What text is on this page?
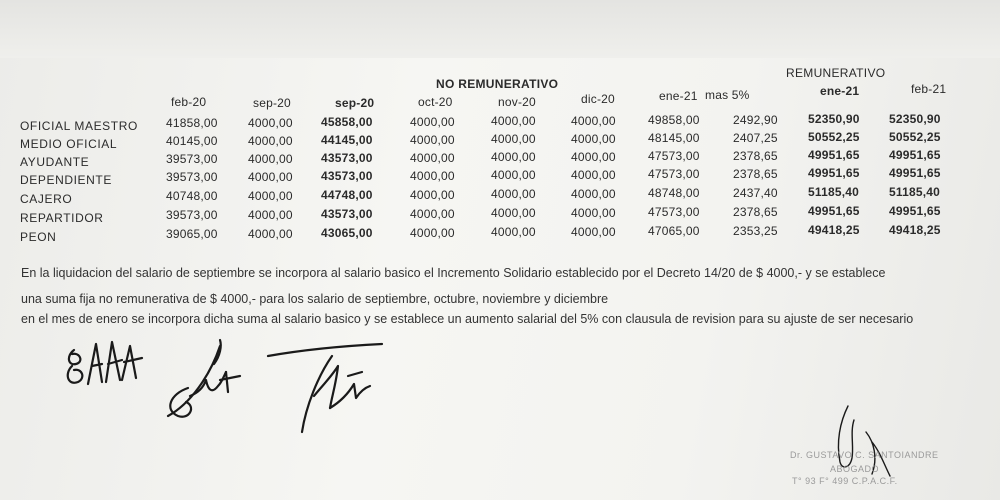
NO REMUNERATIVO
REMUNERATIVO
feb-20	sep-20	sep-20	oct-20	nov-20	dic-20	ene-21 mas 5%	ene-21	feb-21
OFICIAL MAESTRO 41858,00	4000,00 45858,00	4000,00	4000,00	4000,00	49858,00	2492,90	52350,90 52350,90
MEDIO OFICIAL	40145,00	4000,00 44145,00	4000,00	4000,00	4000,00	48145,00	2407,25	50552,25 50552,25
AYUDANTE	39573,00	4000,00 43573,00	4000,00	4000,00	4000,00	47573,00	2378,65	49951,65 49951,65
DEPENDIENTE	39573,00	4000,00 43573,00	4000,00	4000,00	4000,00	47573,00	2378,65	49951,65 49951,65
CAJERO	40748,00	4000,00 44748,00	4000,00	4000,00	4000,00	48748,00	2437,40	51185,40	51185,40
REPARTIDOR	39573,00	4000,00 43573,00	4000,00	4000,00	4000,00	47573,00	2378,65	49951,65 49951,65
PEON	39065,00	4000,00 43065,00	4000,00	4000,00	4000,00	47065,00	2353,25	49418,25 49418,25
En la liquidacion del salario de septiembre se incorpora al salario basico el Incremento Solidario establecido por el Decreto 14/20 de $ 4000,- y se establece
una suma fija no remunerativa de $ 4000,- para los salario de septiembre, octubre, noviembre y diciembre
en el mes de enero se incorpora dicha suma al salario basico y se establece un aumento salarial del 5% con clausula de revision para su ajuste de ser necesario
Dr. GUSTAVO C. SANTOIANDRE
ABOGADO
T° 93 F° 499 C.P.A.C.F.
